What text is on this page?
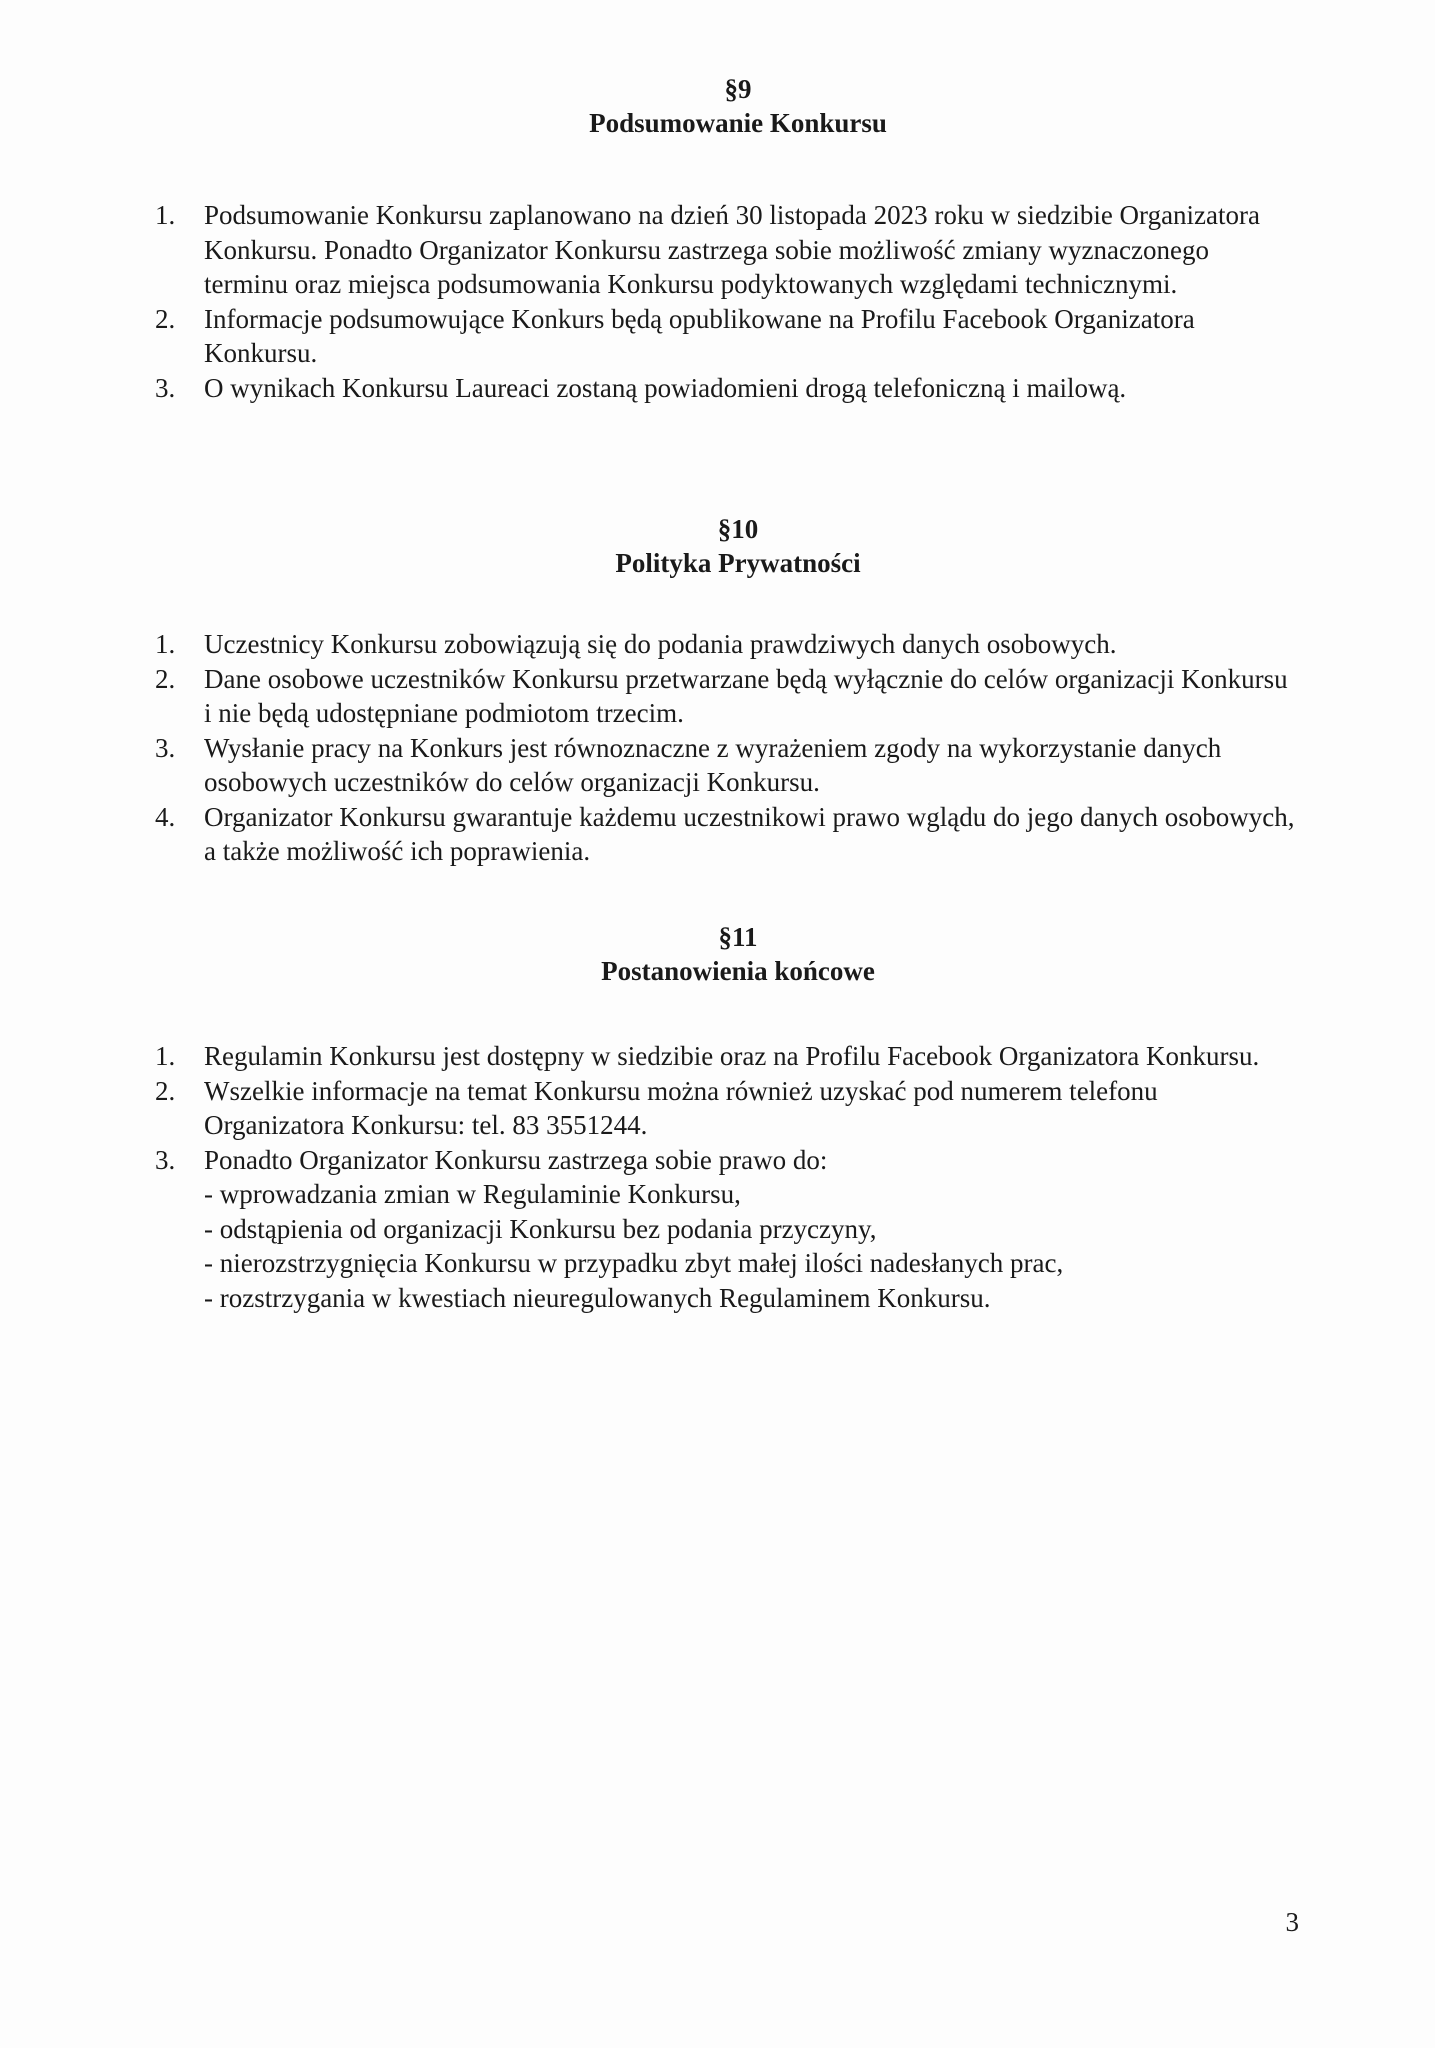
§9

Podsumowanie Konkursu

1. Podsumowanie Konkursu zaplanowano na dzień 30 listopada 2023 roku w siedzibie Organizatora Konkursu. Ponadto Organizator Konkursu zastrzega sobie możliwość zmiany wyznaczonego terminu oraz miejsca podsumowania Konkursu podyktowanych względami technicznymi.
2. Informacje podsumowujące Konkurs będą opublikowane na Profilu Facebook Organizatora Konkursu.
3. O wynikach Konkursu Laureaci zostaną powiadomieni drogą telefoniczną i mailową.

§10

Polityka Prywatności

1. Uczestnicy Konkursu zobowiązują się do podania prawdziwych danych osobowych.
2. Dane osobowe uczestników Konkursu przetwarzane będą wyłącznie do celów organizacji Konkursu i nie będą udostępniane podmiotom trzecim.
3. Wysłanie pracy na Konkurs jest równoznaczne z wyrażeniem zgody na wykorzystanie danych osobowych uczestników do celów organizacji Konkursu.
4. Organizator Konkursu gwarantuje każdemu uczestnikowi prawo wglądu do jego danych osobowych, a także możliwość ich poprawienia.

§11

Postanowienia końcowe

1. Regulamin Konkursu jest dostępny w siedzibie oraz na Profilu Facebook Organizatora Konkursu.
2. Wszelkie informacje na temat Konkursu można również uzyskać pod numerem telefonu Organizatora Konkursu: tel. 83 3551244.
3. Ponadto Organizator Konkursu zastrzega sobie prawo do:
- wprowadzania zmian w Regulaminie Konkursu,
- odstąpienia od organizacji Konkursu bez podania przyczyny,
- nierozstrzygnięcia Konkursu w przypadku zbyt małej ilości nadesłanych prac,
- rozstrzygania w kwestiach nieuregulowanych Regulaminem Konkursu.
3
